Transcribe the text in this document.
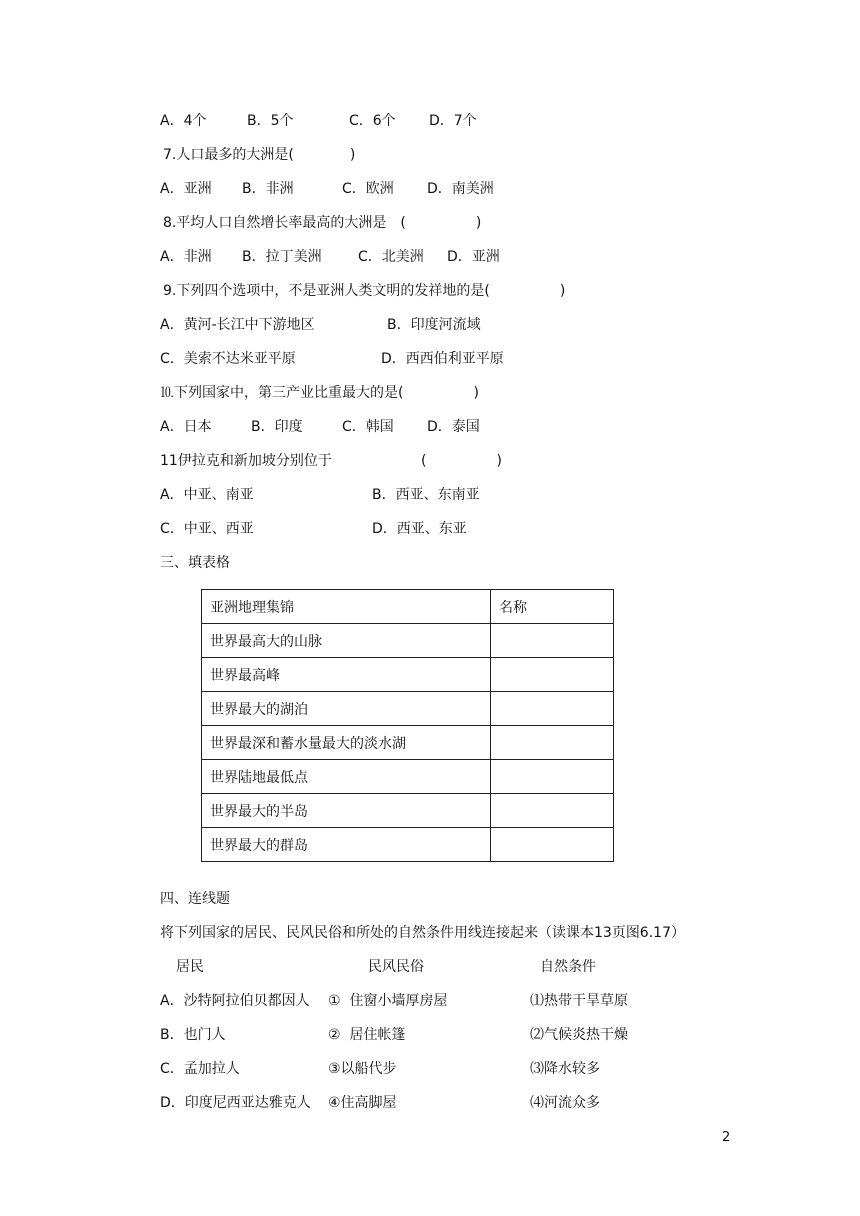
A．4个	B．5个	C．6个 D．7个
7.人口最多的大洲是(　　　　)
A．亚洲 B．非洲	C．欧洲 D．南美洲
8.平均人口自然增长率最高的大洲是　(　　　　　)
A．非洲 B．拉丁美洲	C．北美洲 D．亚洲
9.下列四个选项中，不是亚洲人类文明的发祥地的是(　　　　　)
A．黄河-长江中下游地区	B．印度河流域
C．美索不达米亚平原	D．西西伯利亚平原
⒑下列国家中，第三产业比重最大的是(　　　　　)
A．日本	B．印度	C．韩国 D．泰国
11伊拉克和新加坡分别位于	(　　　　　)
A．中亚、南亚	B．西亚、东南亚
C．中亚、西亚	D．西亚、东亚
三、填表格
亚洲地理集锦	名称
世界最高大的山脉	
世界最高峰	
世界最大的湖泊	
世界最深和蓄水量最大的淡水湖	
世界陆地最低点	
世界最大的半岛	
世界最大的群岛	
四、连线题
将下列国家的居民、民风民俗和所处的自然条件用线连接起来（读课本13页图6.17）
居民	民风民俗	自然条件
A．沙特阿拉伯贝都因人 ①  住窗小墙厚房屋	⑴热带干旱草原
B．也门人	②  居住帐篷	⑵气候炎热干燥
C．孟加拉人	③以船代步	⑶降水较多
D．印度尼西亚达雅克人 ④住高脚屋	⑷河流众多
2
